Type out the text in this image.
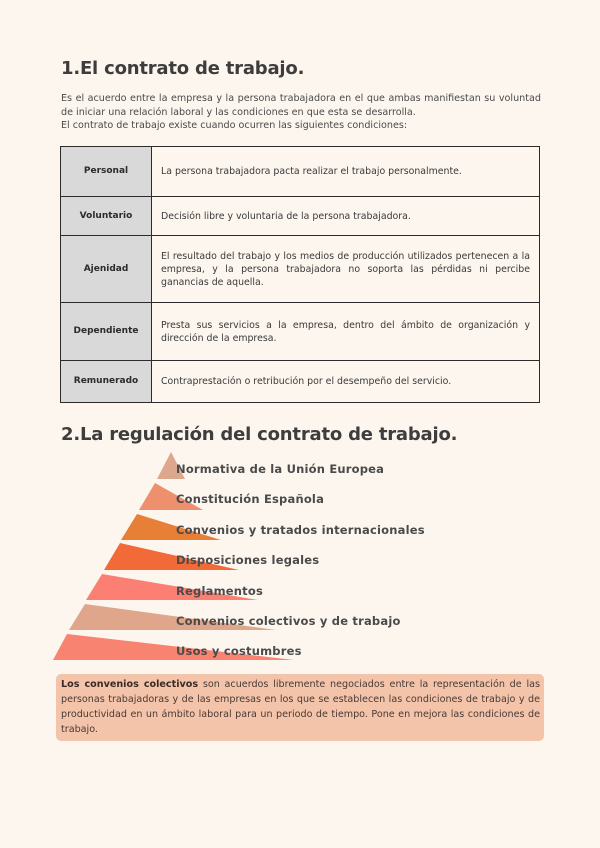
1.El contrato de trabajo.

Es el acuerdo entre la empresa y la persona trabajadora en el que ambas manifiestan su voluntad de iniciar una relación laboral y las condiciones en que esta se desarrolla.

El contrato de trabajo existe cuando ocurren las siguientes condiciones:

Personal	La persona trabajadora pacta realizar el trabajo personalmente.
Voluntario	Decisión libre y voluntaria de la persona trabajadora.
Ajenidad	El resultado del trabajo y los medios de producción utilizados pertenecen a la empresa, y la persona trabajadora no soporta las pérdidas ni percibe ganancias de aquella.
Dependiente	Presta sus servicios a la empresa, dentro del ámbito de organización y dirección de la empresa.
Remunerado	Contraprestación o retribución por el desempeño del servicio.
2.La regulación del contrato de trabajo.
Normativa de la Unión Europea
Constitución Española
Convenios y tratados internacionales
Disposiciones legales
Reglamentos
Convenios colectivos y de trabajo
Usos y costumbres
Los convenios colectivos son acuerdos libremente negociados entre la representación de las personas trabajadoras y de las empresas en los que se establecen las condiciones de trabajo y de productividad en un ámbito laboral para un periodo de tiempo. Pone en mejora las condiciones de trabajo.
